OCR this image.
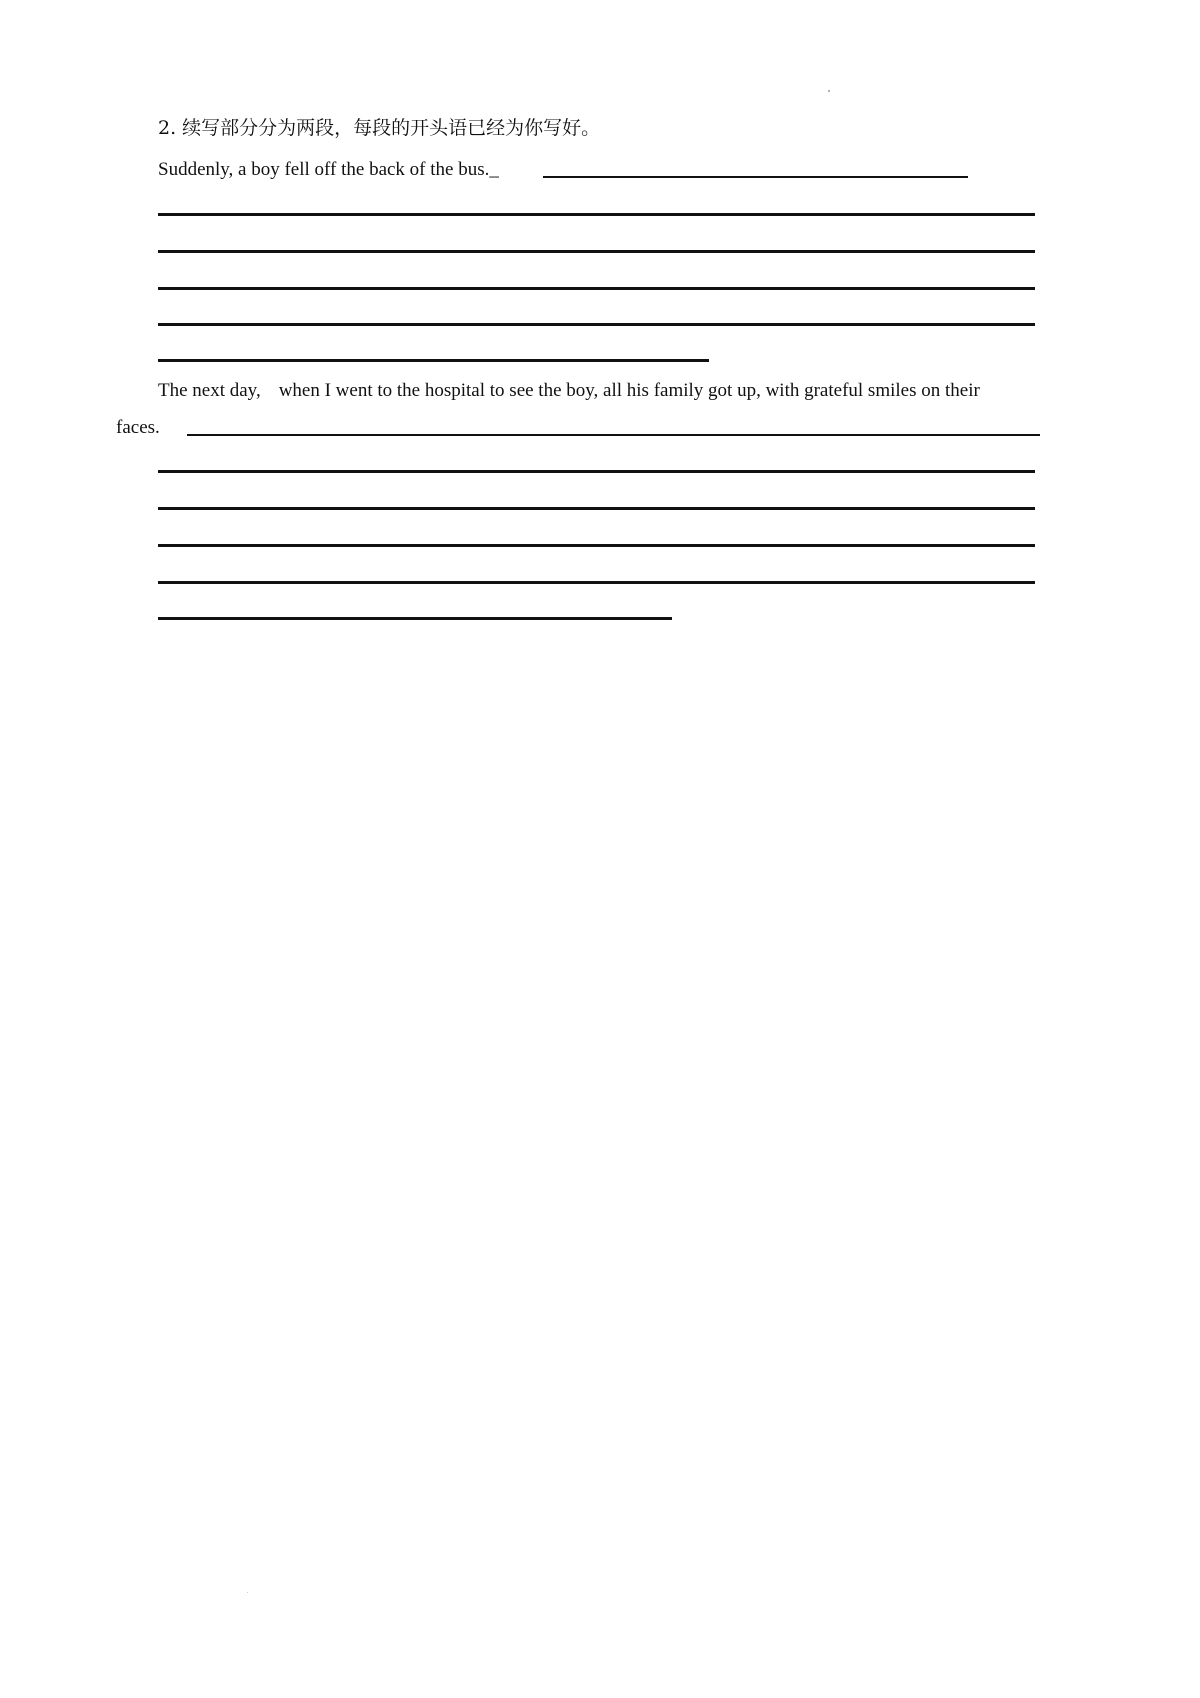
2. 续写部分分为两段，每段的开头语已经为你写好。
Suddenly, a boy fell off the back of the bus._
The next day, when I went to the hospital to see the boy, all his family got up, with grateful smiles on their
faces.
